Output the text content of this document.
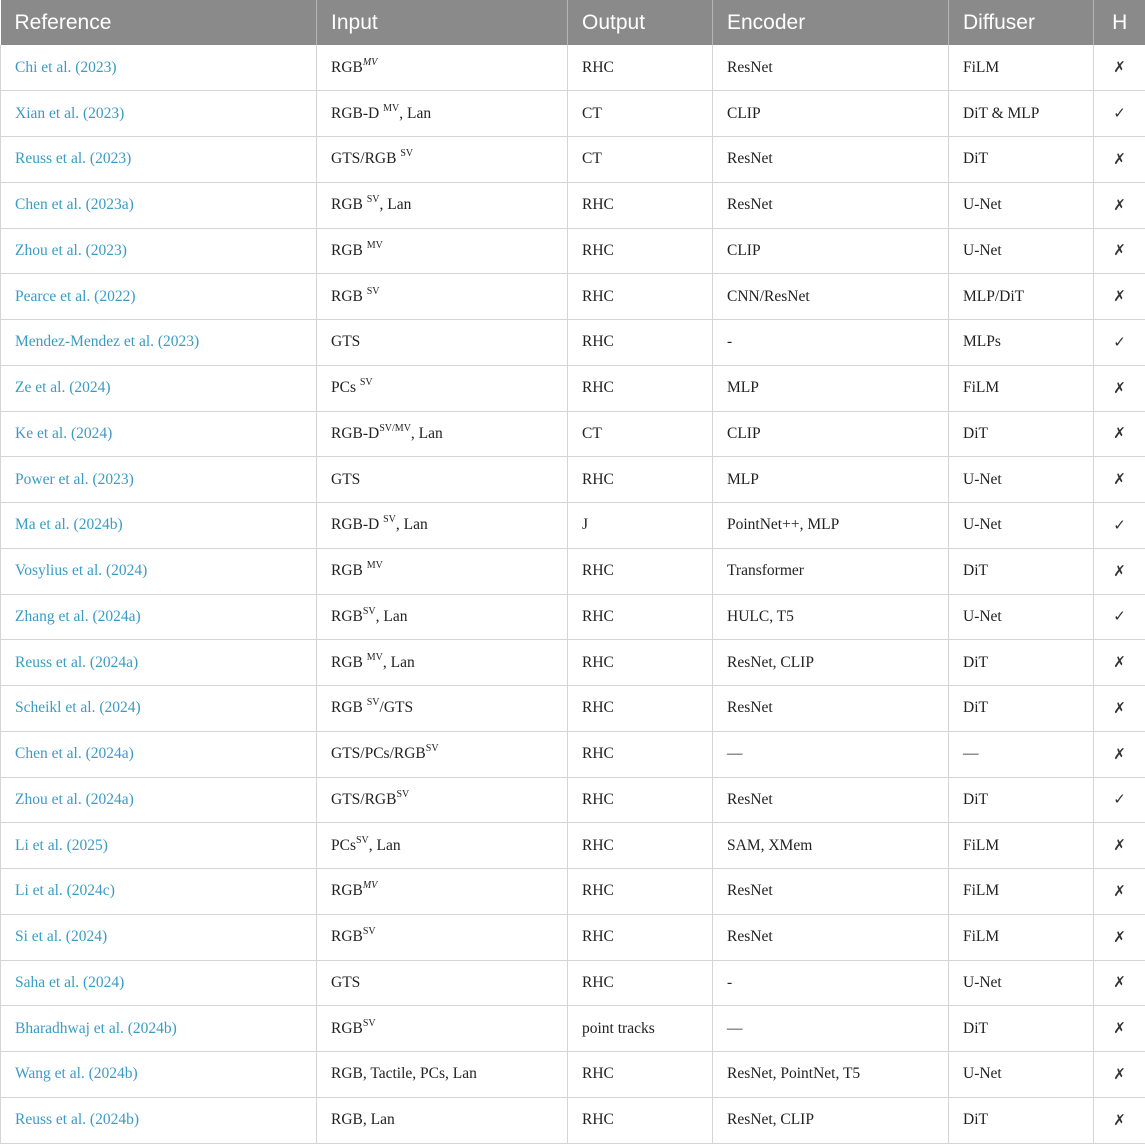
Reference	Input	Output	Encoder	Diffuser	H
Chi et al. (2023)	$RGB^{MV}$	RHC	ResNet	FiLM	✗
Xian et al. (2023)	RGB-D $^{MV}$, Lan	CT	CLIP	DiT & MLP	✓
Reuss et al. (2023)	GTS/RGB $^{SV}$	CT	ResNet	DiT	✗
Chen et al. (2023a)	RGB $^{SV}$, Lan	RHC	ResNet	U-Net	✗
Zhou et al. (2023)	RGB $^{MV}$	RHC	CLIP	U-Net	✗
Pearce et al. (2022)	RGB $^{SV}$	RHC	CNN/ResNet	MLP/DiT	✗
Mendez-Mendez et al. (2023)	GTS	RHC	-	MLPs	✓
Ze et al. (2024)	PCs $^{SV}$	RHC	MLP	FiLM	✗
Ke et al. (2024)	RGB-$D^{SV/MV}$, Lan	CT	CLIP	DiT	✗
Power et al. (2023)	GTS	RHC	MLP	U-Net	✗
Ma et al. (2024b)	RGB-D $^{SV}$, Lan	J	PointNet++, MLP	U-Net	✓
Vosylius et al. (2024)	RGB $^{MV}$	RHC	Transformer	DiT	✗
Zhang et al. (2024a)	$RGB^{SV}$, Lan	RHC	HULC, T5	U-Net	✓
Reuss et al. (2024a)	RGB $^{MV}$, Lan	RHC	ResNet, CLIP	DiT	✗
Scheikl et al. (2024)	RGB $^{SV}$/GTS	RHC	ResNet	DiT	✗
Chen et al. (2024a)	GTS/$PCs/RGB^{SV}$	RHC	—	—	✗
Zhou et al. (2024a)	GTS/$RGB^{SV}$	RHC	ResNet	DiT	✓
Li et al. (2025)	PCs$^{SV}$, Lan	RHC	SAM, XMem	FiLM	✗
Li et al. (2024c)	$RGB^{MV}$	RHC	ResNet	FiLM	✗
Si et al. (2024)	$RGB^{SV}$	RHC	ResNet	FiLM	✗
Saha et al. (2024)	GTS	RHC	-	U-Net	✗
Bharadhwaj et al. (2024b)	$RGB^{SV}$	point tracks	—	DiT	✗
Wang et al. (2024b)	RGB, Tactile, PCs, Lan	RHC	ResNet, PointNet, T5	U-Net	✗
Reuss et al. (2024b)	RGB, Lan	RHC	ResNet, CLIP	DiT	✗
